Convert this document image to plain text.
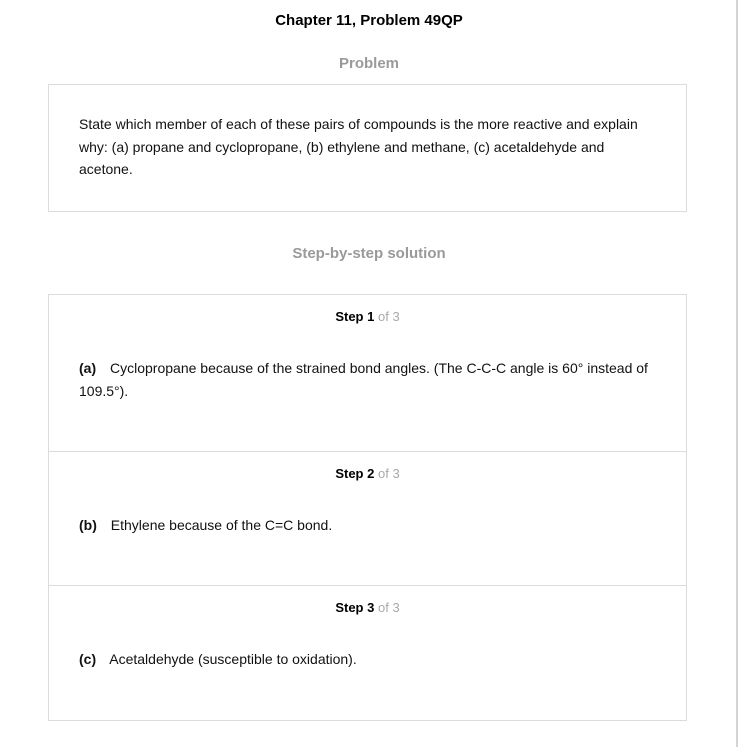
Chapter 11, Problem 49QP
Problem
State which member of each of these pairs of compounds is the more reactive and explain why: (a) propane and cyclopropane, (b) ethylene and methane, (c) acetaldehyde and acetone.
Step-by-step solution
Step 1 of 3
(a) Cyclopropane because of the strained bond angles. (The C-C-C angle is 60° instead of 109.5°).
Step 2 of 3
(b) Ethylene because of the C=C bond.
Step 3 of 3
(c) Acetaldehyde (susceptible to oxidation).
